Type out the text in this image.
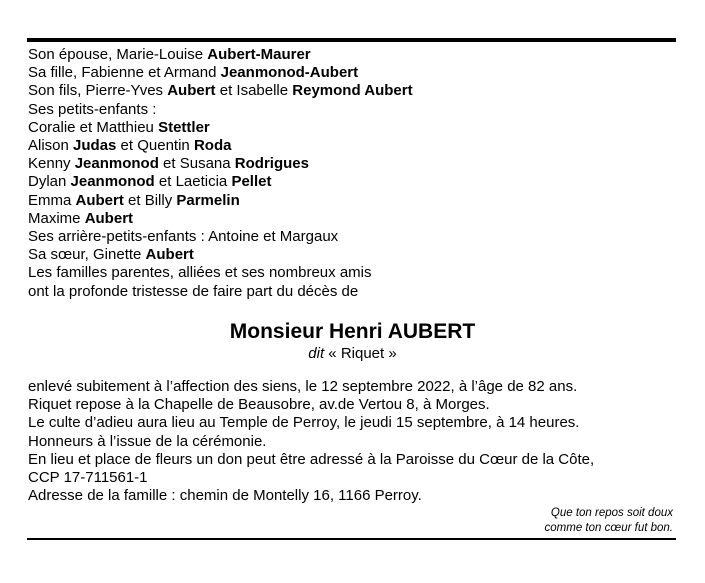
Son épouse, Marie-Louise Aubert-Maurer
Sa fille, Fabienne et Armand Jeanmonod-Aubert
Son fils, Pierre-Yves Aubert et Isabelle Reymond Aubert
Ses petits-enfants :
Coralie et Matthieu Stettler
Alison Judas et Quentin Roda
Kenny Jeanmonod et Susana Rodrigues
Dylan Jeanmonod et Laeticia Pellet
Emma Aubert et Billy Parmelin
Maxime Aubert
Ses arrière-petits-enfants : Antoine et Margaux
Sa sœur, Ginette Aubert
Les familles parentes, alliées et ses nombreux amis
ont la profonde tristesse de faire part du décès de
Monsieur Henri AUBERT
dit « Riquet »
enlevé subitement à l’affection des siens, le 12 septembre 2022, à l’âge de 82 ans.
Riquet repose à la Chapelle de Beausobre, av.de Vertou 8, à Morges.
Le culte d’adieu aura lieu au Temple de Perroy, le jeudi 15 septembre, à 14 heures.
Honneurs à l’issue de la cérémonie.
En lieu et place de fleurs un don peut être adressé à la Paroisse du Cœur de la Côte,
CCP 17-711561-1
Adresse de la famille : chemin de Montelly 16, 1166 Perroy.
Que ton repos soit doux
comme ton cœur fut bon.
